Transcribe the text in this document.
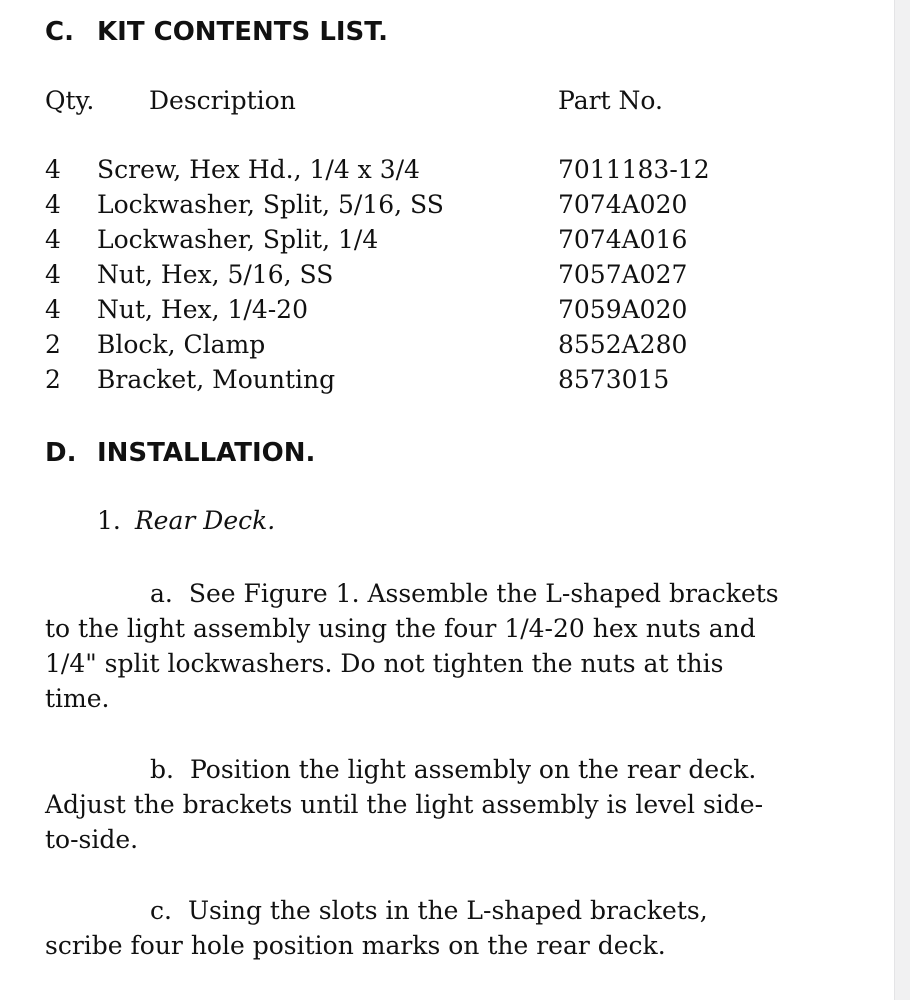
C. KIT CONTENTS LIST.
Qty. Description	Part No.
4 Screw, Hex Hd., 1/4 x 3/4	7011183-12
4 Lockwasher, Split, 5/16, SS	7074A020
4 Lockwasher, Split, 1/4	7074A016
4 Nut, Hex, 5/16, SS	7057A027
4 Nut, Hex, 1/4-20	7059A020
2 Block, Clamp	8552A280
2 Bracket, Mounting	8573015
D. INSTALLATION.
1. Rear Deck.
a. See Figure 1. Assemble the L-shaped brackets to the light assembly using the four 1/4-20 hex nuts and 1/4" split lockwashers. Do not tighten the nuts at this time.
b. Position the light assembly on the rear deck. Adjust the brackets until the light assembly is level side-to-side.
c. Using the slots in the L-shaped brackets, scribe four hole position marks on the rear deck.
